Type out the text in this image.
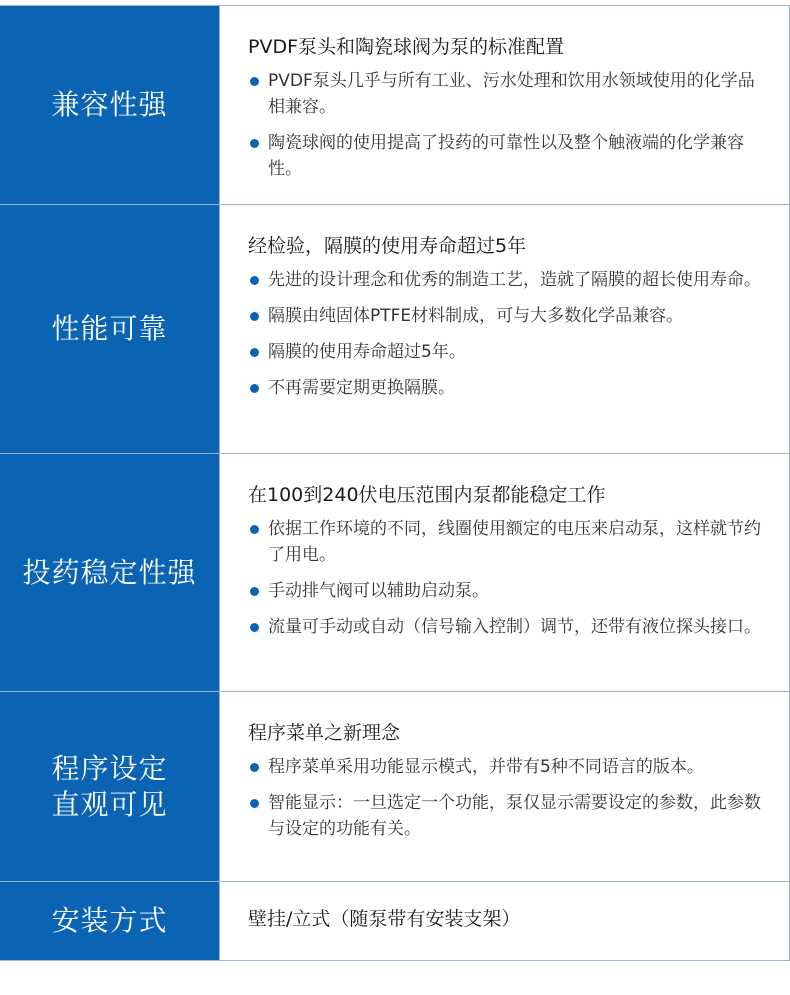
兼容性强
PVDF泵头和陶瓷球阀为泵的标准配置
PVDF泵头几乎与所有工业、污水处理和饮用水领域使用的化学品相兼容。
陶瓷球阀的使用提高了投药的可靠性以及整个触液端的化学兼容性。
性能可靠
经检验，隔膜的使用寿命超过5年
先进的设计理念和优秀的制造工艺，造就了隔膜的超长使用寿命。
隔膜由纯固体PTFE材料制成，可与大多数化学品兼容。
隔膜的使用寿命超过5年。
不再需要定期更换隔膜。
投药稳定性强
在100到240伏电压范围内泵都能稳定工作
依据工作环境的不同，线圈使用额定的电压来启动泵，这样就节约了用电。
手动排气阀可以辅助启动泵。
流量可手动或自动（信号输入控制）调节，还带有液位探头接口。
程序设定
直观可见
程序菜单之新理念
程序菜单采用功能显示模式，并带有5种不同语言的版本。
智能显示：一旦选定一个功能，泵仅显示需要设定的参数，此参数与设定的功能有关。
安装方式	壁挂/立式（随泵带有安装支架）
